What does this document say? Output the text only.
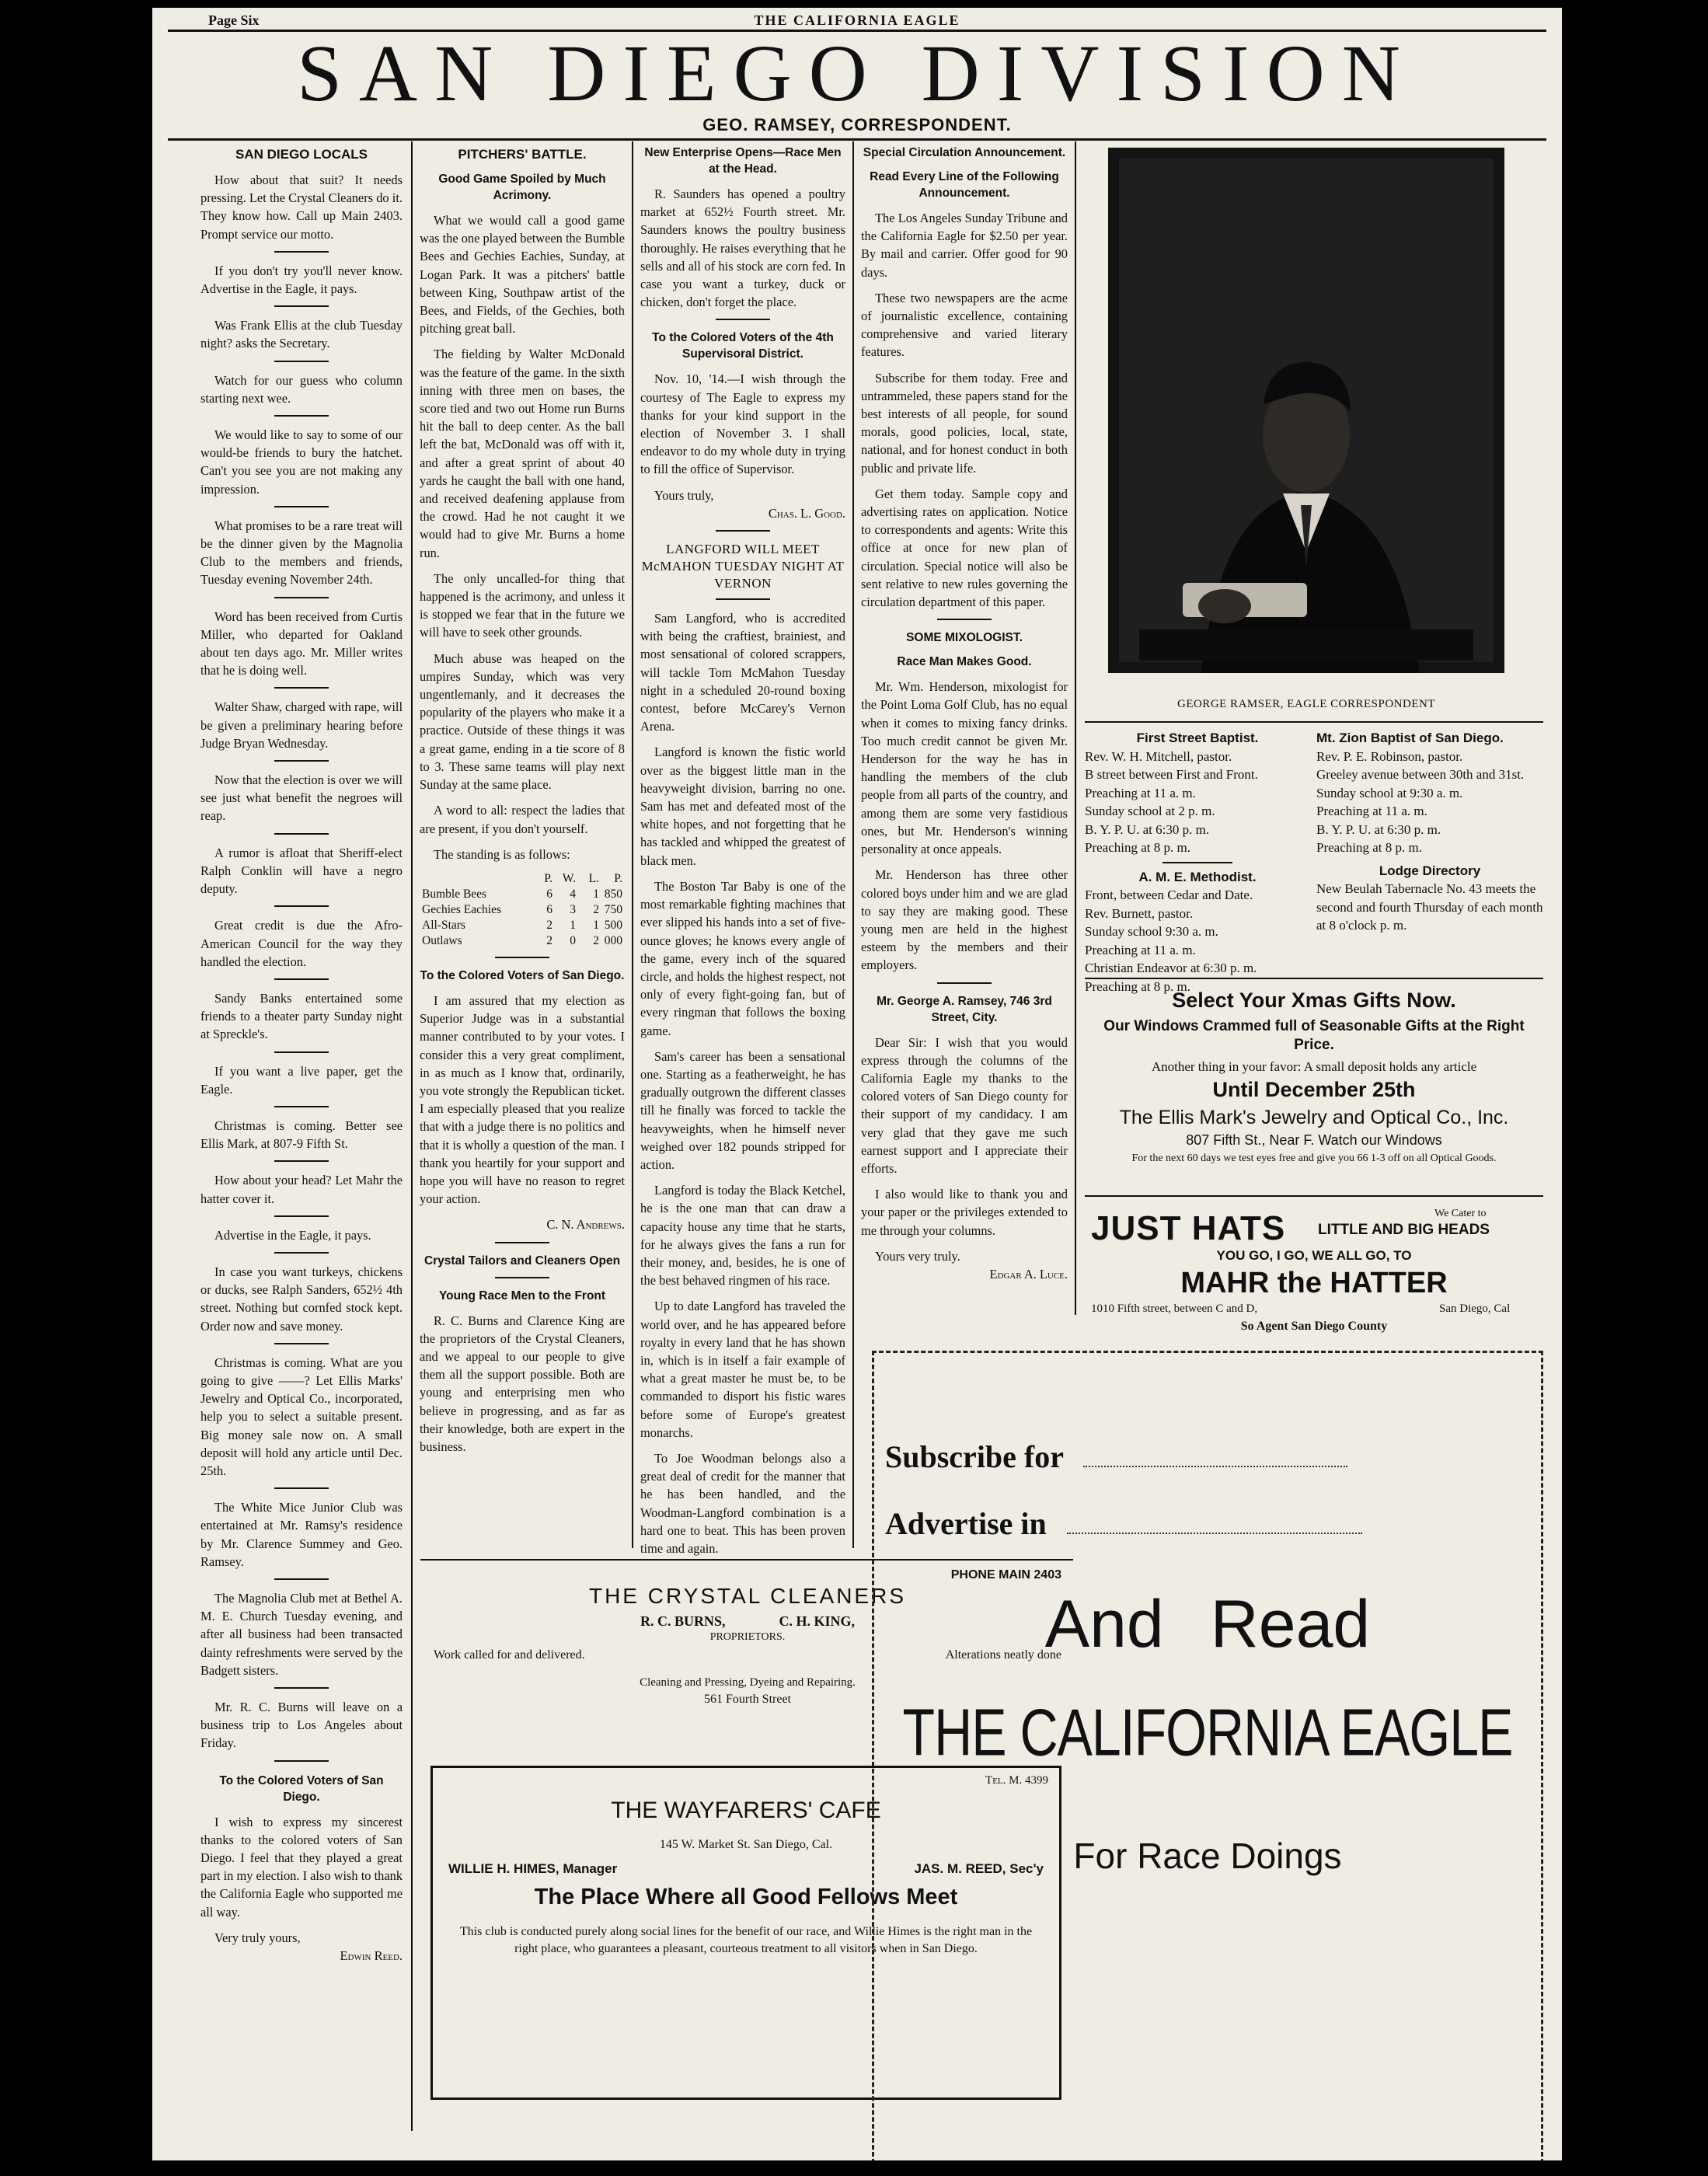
Page Six	THE CALIFORNIA EAGLE
SAN DIEGO DIVISION
GEO. RAMSEY, CORRESPONDENT.
SAN DIEGO LOCALS

How about that suit? It needs pressing. Let the Crystal Cleaners do it. They know how. Call up Main 2403. Prompt service our motto.

If you don't try you'll never know. Advertise in the Eagle, it pays.

Was Frank Ellis at the club Tuesday night? asks the Secretary.

Watch for our guess who column starting next wee.

We would like to say to some of our would-be friends to bury the hatchet. Can't you see you are not making any impression.

What promises to be a rare treat will be the dinner given by the Magnolia Club to the members and friends, Tuesday evening November 24th.

Word has been received from Curtis Miller, who departed for Oakland about ten days ago. Mr. Miller writes that he is doing well.

Walter Shaw, charged with rape, will be given a preliminary hearing before Judge Bryan Wednesday.

Now that the election is over we will see just what benefit the negroes will reap.

A rumor is afloat that Sheriff-elect Ralph Conklin will have a negro deputy.

Great credit is due the Afro-American Council for the way they handled the election.

Sandy Banks entertained some friends to a theater party Sunday night at Spreckle's.

If you want a live paper, get the Eagle.

Christmas is coming. Better see Ellis Mark, at 807-9 Fifth St.

How about your head? Let Mahr the hatter cover it.

Advertise in the Eagle, it pays.

In case you want turkeys, chickens or ducks, see Ralph Sanders, 652½ 4th street. Nothing but cornfed stock kept. Order now and save money.

Christmas is coming. What are you going to give ——? Let Ellis Marks' Jewelry and Optical Co., incorporated, help you to select a suitable present. Big money sale now on. A small deposit will hold any article until Dec. 25th.

The White Mice Junior Club was entertained at Mr. Ramsy's residence by Mr. Clarence Summey and Geo. Ramsey.

The Magnolia Club met at Bethel A. M. E. Church Tuesday evening, and after all business had been transacted dainty refreshments were served by the Badgett sisters.

Mr. R. C. Burns will leave on a business trip to Los Angeles about Friday.

To the Colored Voters of San Diego.

I wish to express my sincerest thanks to the colored voters of San Diego. I feel that they played a great part in my election. I also wish to thank the California Eagle who supported me all way.

Very truly yours,

Edwin Reed.
PITCHERS' BATTLE.
Good Game Spoiled by Much Acrimony.

What we would call a good game was the one played between the Bumble Bees and Gechies Eachies, Sunday, at Logan Park. It was a pitchers' battle between King, Southpaw artist of the Bees, and Fields, of the Gechies, both pitching great ball.

The fielding by Walter McDonald was the feature of the game. In the sixth inning with three men on bases, the score tied and two out Home run Burns hit the ball to deep center. As the ball left the bat, McDonald was off with it, and after a great sprint of about 40 yards he caught the ball with one hand, and received deafening applause from the crowd. Had he not caught it we would had to give Mr. Burns a home run.

The only uncalled-for thing that happened is the acrimony, and unless it is stopped we fear that in the future we will have to seek other grounds.

Much abuse was heaped on the umpires Sunday, which was very ungentlemanly, and it decreases the popularity of the players who make it a practice. Outside of these things it was a great game, ending in a tie score of 8 to 3. These same teams will play next Sunday at the same place.

A word to all: respect the ladies that are present, if you don't yourself.

The standing is as follows:

	P.	W.	L.	P.
Bumble Bees	6	4	1	850
Gechies Eachies	6	3	2	750
All-Stars	2	1	1	500
Outlaws	2	0	2	000
To the Colored Voters of San Diego.

I am assured that my election as Superior Judge was in a substantial manner contributed to by your votes. I consider this a very great compliment, in as much as I know that, ordinarily, you vote strongly the Republican ticket. I am especially pleased that you realize that with a judge there is no politics and that it is wholly a question of the man. I thank you heartily for your support and hope you will have no reason to regret your action.

C. N. Andrews.
Crystal Tailors and Cleaners Open
Young Race Men to the Front

R. C. Burns and Clarence King are the proprietors of the Crystal Cleaners, and we appeal to our people to give them all the support possible. Both are young and enterprising men who believe in progressing, and as far as their knowledge, both are expert in the business.

New Enterprise Opens—Race Men at the Head.

R. Saunders has opened a poultry market at 652½ Fourth street. Mr. Saunders knows the poultry business thoroughly. He raises everything that he sells and all of his stock are corn fed. In case you want a turkey, duck or chicken, don't forget the place.

To the Colored Voters of the 4th Supervisoral District.

Nov. 10, '14.—I wish through the courtesy of The Eagle to express my thanks for your kind support in the election of November 3. I shall endeavor to do my whole duty in trying to fill the office of Supervisor.

Yours truly,

Chas. L. Good.
LANGFORD WILL MEET McMAHON TUESDAY NIGHT AT VERNON

Sam Langford, who is accredited with being the craftiest, brainiest, and most sensational of colored scrappers, will tackle Tom McMahon Tuesday night in a scheduled 20-round boxing contest, before McCarey's Vernon Arena.

Langford is known the fistic world over as the biggest little man in the heavyweight division, barring no one. Sam has met and defeated most of the white hopes, and not forgetting that he has tackled and whipped the greatest of black men.

The Boston Tar Baby is one of the most remarkable fighting machines that ever slipped his hands into a set of five-ounce gloves; he knows every angle of the game, every inch of the squared circle, and holds the highest respect, not only of every fight-going fan, but of every ringman that follows the boxing game.

Sam's career has been a sensational one. Starting as a featherweight, he has gradually outgrown the different classes till he finally was forced to tackle the heavyweights, when he himself never weighed over 182 pounds stripped for action.

Langford is today the Black Ketchel, he is the one man that can draw a capacity house any time that he starts, for he always gives the fans a run for their money, and, besides, he is one of the best behaved ringmen of his race.

Up to date Langford has traveled the world over, and he has appeared before royalty in every land that he has shown in, which is in itself a fair example of what a great master he must be, to be commanded to disport his fistic wares before some of Europe's greatest monarchs.

To Joe Woodman belongs also a great deal of credit for the manner that he has been handled, and the Woodman-Langford combination is a hard one to beat. This has been proven time and again.

Special Circulation Announcement.
Read Every Line of the Following Announcement.

The Los Angeles Sunday Tribune and the California Eagle for $2.50 per year. By mail and carrier. Offer good for 90 days.

These two newspapers are the acme of journalistic excellence, containing comprehensive and varied literary features.

Subscribe for them today. Free and untrammeled, these papers stand for the best interests of all people, for sound morals, good policies, local, state, national, and for honest conduct in both public and private life.

Get them today. Sample copy and advertising rates on application. Notice to correspondents and agents: Write this office at once for new plan of circulation. Special notice will also be sent relative to new rules governing the circulation department of this paper.

SOME MIXOLOGIST.
Race Man Makes Good.

Mr. Wm. Henderson, mixologist for the Point Loma Golf Club, has no equal when it comes to mixing fancy drinks. Too much credit cannot be given Mr. Henderson for the way he has in handling the members of the club people from all parts of the country, and among them are some very fastidious ones, but Mr. Henderson's winning personality at once appeals.

Mr. Henderson has three other colored boys under him and we are glad to say they are making good. These young men are held in the highest esteem by the members and their employers.

Mr. George A. Ramsey, 746 3rd Street, City.

Dear Sir: I wish that you would express through the columns of the California Eagle my thanks to the colored voters of San Diego county for their support of my candidacy. I am very glad that they gave me such earnest support and I appreciate their efforts.

I also would like to thank you and your paper or the privileges extended to me through your columns.

Yours very truly.

Edgar A. Luce.
GEORGE RAMSER, EAGLE CORRESPONDENT
First Street Baptist.
Rev. W. H. Mitchell, pastor.
B street between First and Front.
Preaching at 11 a. m.
Sunday school at 2 p. m.
B. Y. P. U. at 6:30 p. m.
Preaching at 8 p. m.
A. M. E. Methodist.
Front, between Cedar and Date.
Rev. Burnett, pastor.
Sunday school 9:30 a. m.
Preaching at 11 a. m.
Christian Endeavor at 6:30 p. m.
Preaching at 8 p. m.
Mt. Zion Baptist of San Diego.
Rev. P. E. Robinson, pastor.
Greeley avenue between 30th and 31st.
Sunday school at 9:30 a. m.
Preaching at 11 a. m.
B. Y. P. U. at 6:30 p. m.
Preaching at 8 p. m.
Lodge Directory
New Beulah Tabernacle No. 43 meets the second and fourth Thursday of each month at 8 o'clock p. m.
Select Your Xmas Gifts Now.
Our Windows Crammed full of Seasonable Gifts at the Right Price.
Another thing in your favor: A small deposit holds any article
Until December 25th
The Ellis Mark's Jewelry and Optical Co., Inc.
807 Fifth St., Near F. Watch our Windows
For the next 60 days we test eyes free and give you 66 1-3 off on all Optical Goods.
JUST HATS	We Cater to
LITTLE AND BIG HEADS
YOU GO, I GO, WE ALL GO, TO
MAHR the HATTER
1010 Fifth street, between C and D,	San Diego, Cal
So Agent San Diego County
PHONE MAIN 2403
THE CRYSTAL CLEANERS
R. C. BURNS,	C. H. KING,
PROPRIETORS.
Work called for and delivered.	Alterations neatly done
Cleaning and Pressing, Dyeing and Repairing.
561 Fourth Street
Tel. M. 4399
THE WAYFARERS' CAFE
145 W. Market St. San Diego, Cal.
WILLIE H. HIMES, Manager	JAS. M. REED, Sec'y
The Place Where all Good Fellows Meet
This club is conducted purely along social lines for the benefit of our race, and Willie Himes is the right man in the right place, who guarantees a pleasant, courteous treatment to all visitors when in San Diego.
Subscribe for
Advertise in
And Read
THE CALIFORNIA EAGLE
For Race Doings
